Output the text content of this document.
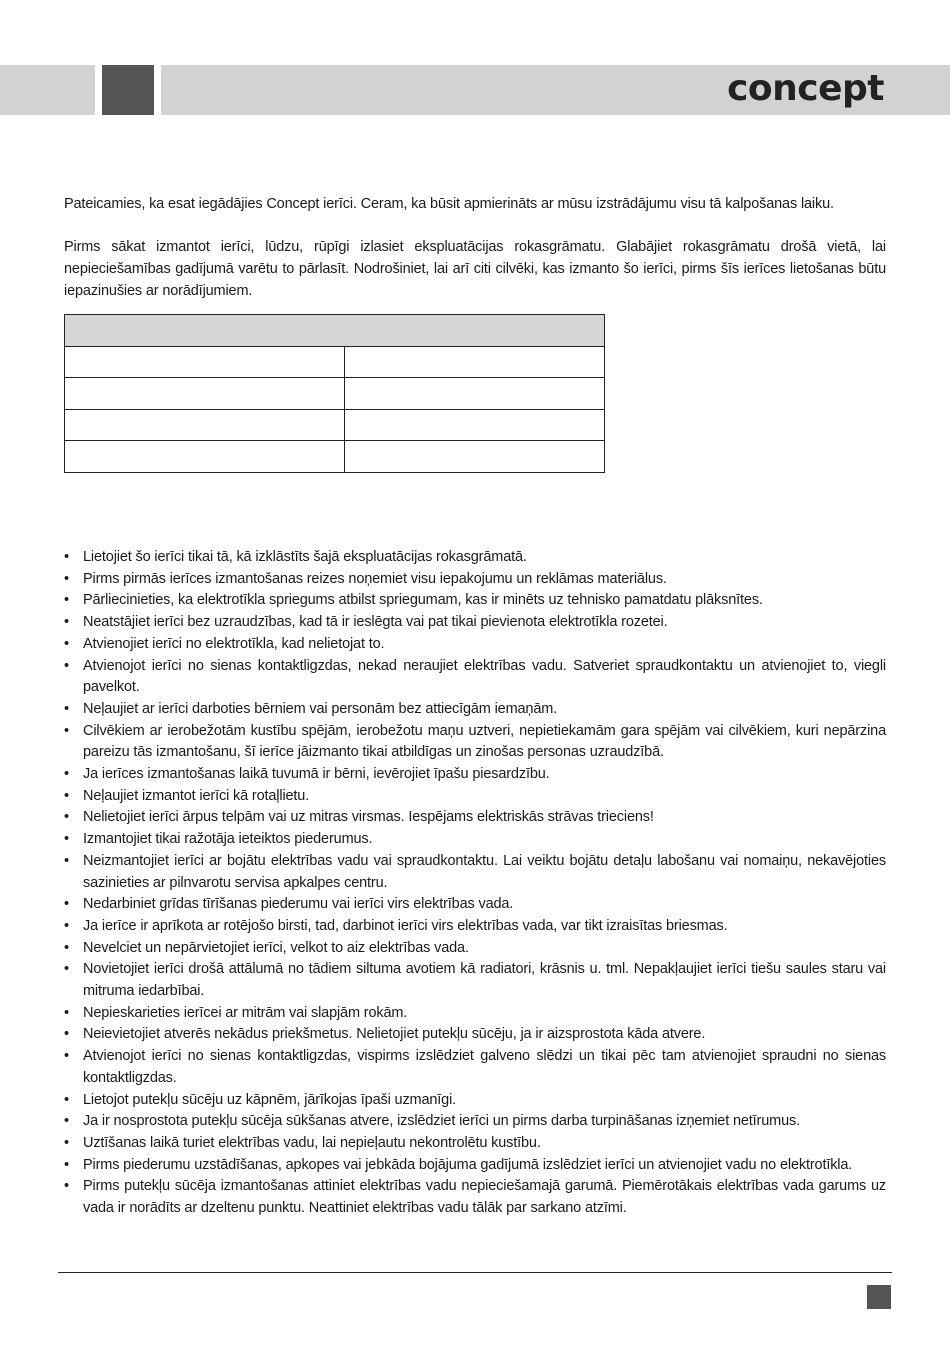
concept

Pateicamies, ka esat iegādājies Concept ierīci. Ceram, ka būsit apmierināts ar mūsu izstrādājumu visu tā kalpošanas laiku.

Pirms sākat izmantot ierīci, lūdzu, rūpīgi izlasiet ekspluatācijas rokasgrāmatu. Glabājiet rokasgrāmatu drošā vietā, lai nepieciešamības gadījumā varētu to pārlasīt. Nodrošiniet, lai arī citi cilvēki, kas izmanto šo ierīci, pirms šīs ierīces lietošanas būtu iepazinušies ar norādījumiem.

• Lietojiet šo ierīci tikai tā, kā izklāstīts šajā ekspluatācijas rokasgrāmatā.
• Pirms pirmās ierīces izmantošanas reizes noņemiet visu iepakojumu un reklāmas materiālus.
• Pārliecinieties, ka elektrotīkla spriegums atbilst spriegumam, kas ir minēts uz tehnisko pamatdatu plāksnītes.
• Neatstājiet ierīci bez uzraudzības, kad tā ir ieslēgta vai pat tikai pievienota elektrotīkla rozetei.
• Atvienojiet ierīci no elektrotīkla, kad nelietojat to.
• Atvienojot ierīci no sienas kontaktligzdas, nekad neraujiet elektrības vadu. Satveriet spraudkontaktu un atvienojiet to, viegli pavelkot.
• Neļaujiet ar ierīci darboties bērniem vai personām bez attiecīgām iemaņām.
• Cilvēkiem ar ierobežotām kustību spējām, ierobežotu maņu uztveri, nepietiekamām gara spējām vai cilvēkiem, kuri nepārzina pareizu tās izmantošanu, šī ierīce jāizmanto tikai atbildīgas un zinošas personas uzraudzībā.
• Ja ierīces izmantošanas laikā tuvumā ir bērni, ievērojiet īpašu piesardzību.
• Neļaujiet izmantot ierīci kā rotaļlietu.
• Nelietojiet ierīci ārpus telpām vai uz mitras virsmas. Iespējams elektriskās strāvas trieciens!
• Izmantojiet tikai ražotāja ieteiktos piederumus.
• Neizmantojiet ierīci ar bojātu elektrības vadu vai spraudkontaktu. Lai veiktu bojātu detaļu labošanu vai nomaiņu, nekavējoties sazinieties ar pilnvarotu servisa apkalpes centru.
• Nedarbiniet grīdas tīrīšanas piederumu vai ierīci virs elektrības vada.
• Ja ierīce ir aprīkota ar rotējošo birsti, tad, darbinot ierīci virs elektrības vada, var tikt izraisītas briesmas.
• Nevelciet un nepārvietojiet ierīci, velkot to aiz elektrības vada.
• Novietojiet ierīci drošā attālumā no tādiem siltuma avotiem kā radiatori, krāsnis u. tml. Nepakļaujiet ierīci tiešu saules staru vai mitruma iedarbībai.
• Nepieskarieties ierīcei ar mitrām vai slapjām rokām.
• Neievietojiet atverēs nekādus priekšmetus. Nelietojiet putekļu sūcēju, ja ir aizsprostota kāda atvere.
• Atvienojot ierīci no sienas kontaktligzdas, vispirms izslēdziet galveno slēdzi un tikai pēc tam atvienojiet spraudni no sienas kontaktligzdas.
• Lietojot putekļu sūcēju uz kāpnēm, jārīkojas īpaši uzmanīgi.
• Ja ir nosprostota putekļu sūcēja sūkšanas atvere, izslēdziet ierīci un pirms darba turpināšanas izņemiet netīrumus.
• Uztīšanas laikā turiet elektrības vadu, lai nepieļautu nekontrolētu kustību.
• Pirms piederumu uzstādīšanas, apkopes vai jebkāda bojājuma gadījumā izslēdziet ierīci un atvienojiet vadu no elektrotīkla.
• Pirms putekļu sūcēja izmantošanas attiniet elektrības vadu nepieciešamajā garumā. Piemērotākais elektrības vada garums uz vada ir norādīts ar dzeltenu punktu. Neattiniet elektrības vadu tālāk par sarkano atzīmi.
